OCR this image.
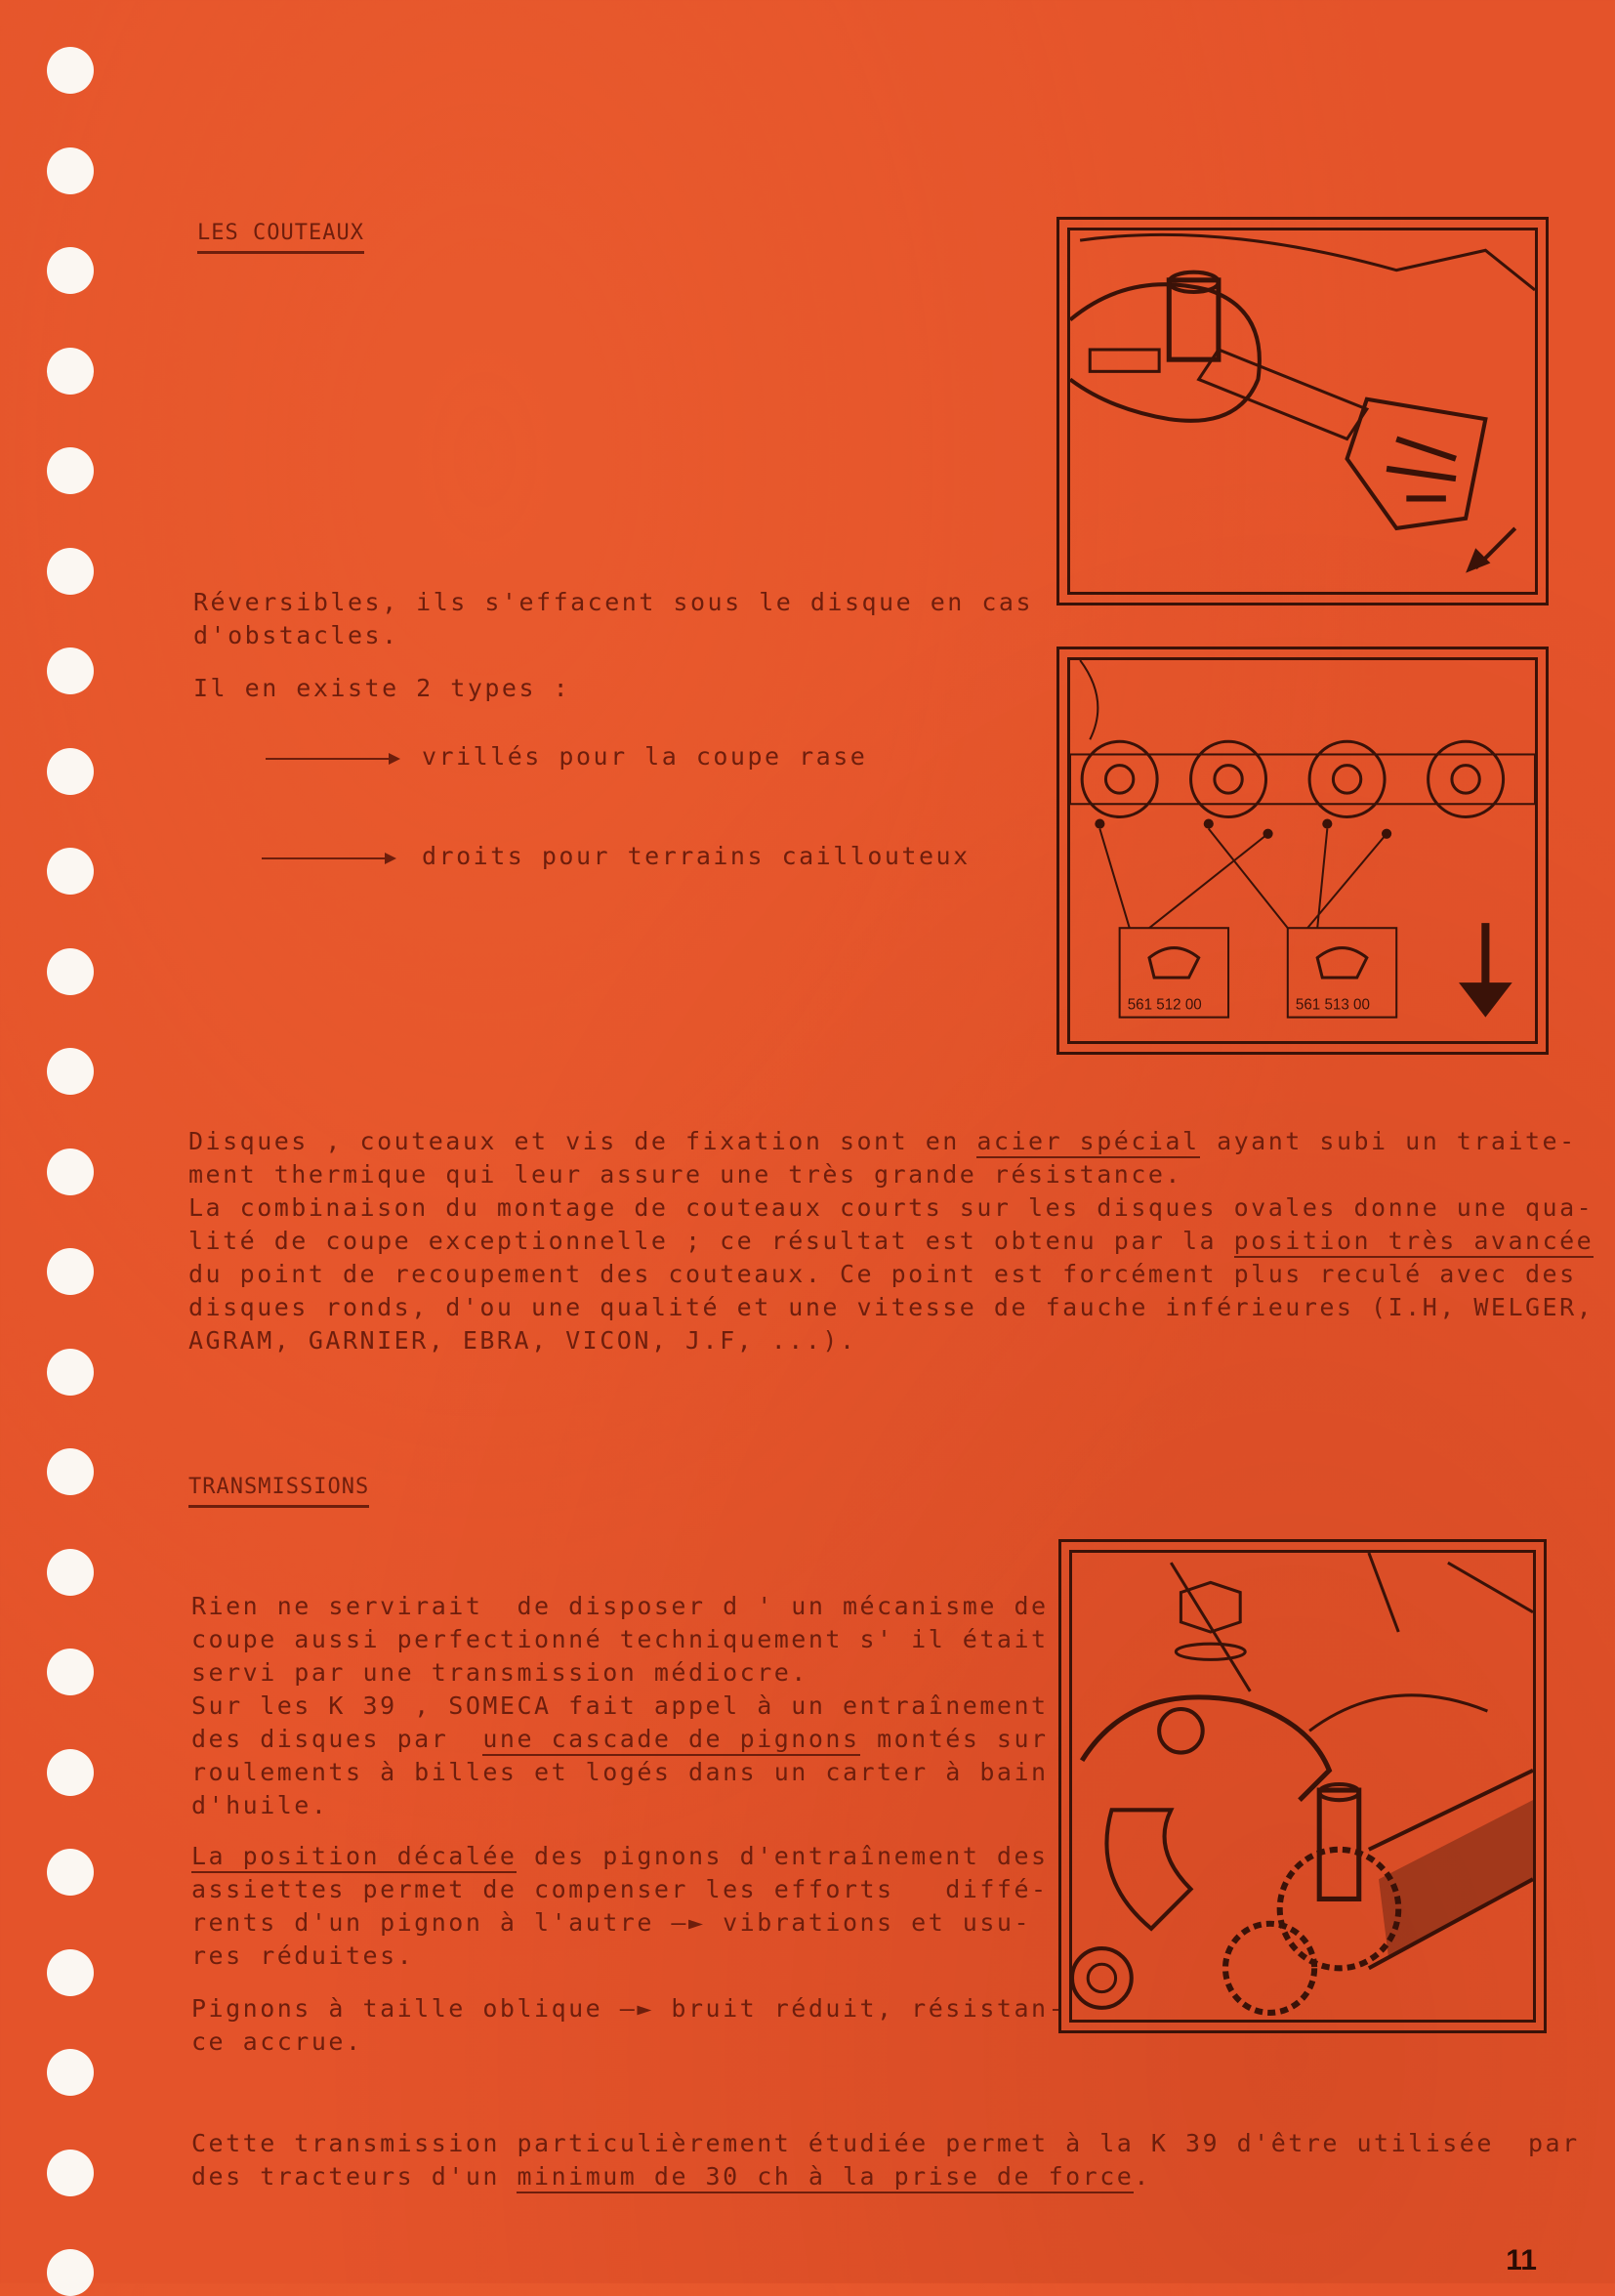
LES COUTEAUX
Réversibles, ils s'effacent sous le disque en cas
d'obstacles.
Il en existe 2 types :
vrillés pour la coupe rase
droits pour terrains caillouteux
561 512 00	561 513 00
Disques , couteaux et vis de fixation sont en acier spécial ayant subi un traite-
ment thermique qui leur assure une très grande résistance.
La combinaison du montage de couteaux courts sur les disques ovales donne une qua-
lité de coupe exceptionnelle ; ce résultat est obtenu par la position très avancée
du point de recoupement des couteaux. Ce point est forcément plus reculé avec des
disques ronds, d'ou une qualité et une vitesse de fauche inférieures (I.H, WELGER,
AGRAM, GARNIER, EBRA, VICON, J.F, ...).
TRANSMISSIONS
Rien ne servirait  de disposer d ' un mécanisme de
coupe aussi perfectionné techniquement s' il était
servi par une transmission médiocre.
Sur les K 39 , SOMECA fait appel à un entraînement
des disques par  une cascade de pignons montés sur
roulements à billes et logés dans un carter à bain
d'huile.
La position décalée des pignons d'entraînement des
assiettes permet de compenser les efforts   diffé-
rents d'un pignon à l'autre —► vibrations et usu-
res réduites.
Pignons à taille oblique —► bruit réduit, résistan-
ce accrue.
Cette transmission particulièrement étudiée permet à la K 39 d'être utilisée  par
des tracteurs d'un minimum de 30 ch à la prise de force.
11
